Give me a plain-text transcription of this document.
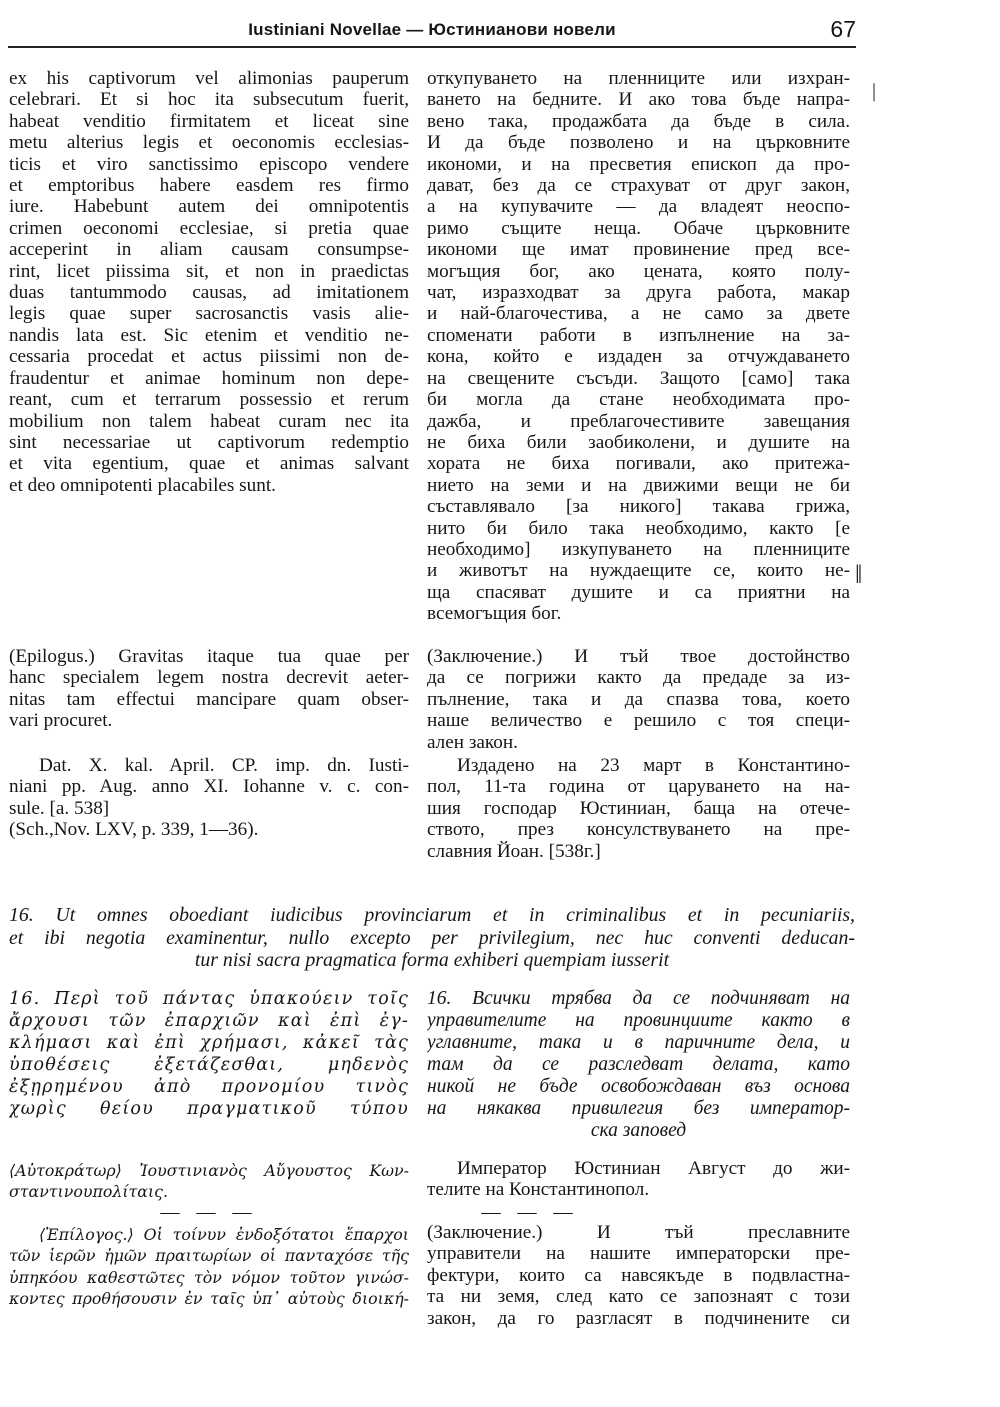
Iustiniani Novellae — Юстинианови новели	67
ex his captivorum vel alimonias pauperum
celebrari. Et si hoc ita subsecutum fuerit,
habeat venditio firmitatem et liceat sine
metu alterius legis et oeconomis ecclesias-
ticis et viro sanctissimo episcopo vendere
et emptoribus habere easdem res firmo
iure. Habebunt autem dei omnipotentis
crimen oeconomi ecclesiae, si pretia quae
acceperint in aliam causam consumpse-
rint, licet piissima sit, et non in praedictas
duas tantummodo causas, ad imitationem
legis quae super sacrosanctis vasis alie-
nandis lata est. Sic etenim et venditio ne-
cessaria procedat et actus piissimi non de-
fraudentur et animae hominum non depe-
reant, cum et terrarum possessio et rerum
mobilium non talem habeat curam nec ita
sint necessariae ut captivorum redemptio
et vita egentium, quae et animas salvant
et deo omnipotenti placabiles sunt.
(Epilogus.) Gravitas itaque tua quae per
hanc specialem legem nostra decrevit aeter-
nitas tam effectui mancipare quam obser-
vari procuret.
Dat. X. kal. April. CP. imp. dn. Iusti-
niani pp. Aug. anno XI. Iohanne v. c. con-
sule. [a. 538]
(Sch.,Nov. LXV, p. 339, 1—36).
откупуването на пленниците или изхран-
ването на бедните. И ако това бъде напра-
вено така, продажбата да бъде в сила.
И да бъде позволено и на църковните
икономи, и на пресветия епископ да про-
дават, без да се страхуват от друг закон,
а на купувачите — да владеят неоспо-
римо същите неща. Обаче църковните
икономи ще имат провинение пред все-
могъщия бог, ако цената, която полу-
чат, изразходват за друга работа, макар
и най-благочестива, а не само за двете
споменати работи в изпълнение на за-
кона, който е издаден за отчуждаването
на свещените съсъди. Защото [само] така
би могла да стане необходимата про-
дажба, и преблагочестивите завещания
не биха били заобиколени, и душите на
хората не биха погивали, ако притежа-
нието на земи и на движими вещи не би
съставлявало [за никого] такава грижа,
нито би било така необходимо, както [е
необходимо] изкупуването на пленниците
и животът на нуждаещите се, които не-
ща спасяват душите и са приятни на
всемогъщия бог.
(Заключение.) И тъй твое достойнство
да се погрижи както да предаде за из-
пълнение, така и да спазва това, което
наше величество е решило с тоя специ-
ален закон.
Издадено на 23 март в Константино-
пол, 11-та година от царуването на на-
шия господар Юстиниан, баща на отече-
ството, през консулствуването на пре-
славния Йоан. [538г.]
|
‖
16. Ut omnes oboediant iudicibus provinciarum et in criminalibus et in pecuniariis,
et ibi negotia examinentur, nullo excepto per privilegium, nec huc conventi deducan-
tur nisi sacra pragmatica forma exhiberi quempiam iusserit
16. Περὶ τοῦ πάντας ὑπακούειν τοῖς
ἄρχουσι τῶν ἐπαρχιῶν καὶ ἐπὶ ἐγ-
κλήμασι καὶ ἐπὶ χρήμασι, κἀκεῖ τὰς
ὑποθέσεις ἐξετάζεσθαι, μηδενὸς
ἐξῃρημένου ἀπὸ προνομίου τινὸς
χωρὶς θείου πραγματικοῦ τύπου
16. Всички трябва да се подчиняват на
управителите на провинциите както в
углавните, така и в паричните дела, и
там да се разследват делата, като
никой не бъде освобождаван въз основа
на някаква привилегия без император-
ска заповед
⟨Αὐτοκράτωρ⟩ Ἰουστινιανὸς Αὔγουστος Κων-
σταντινουπολίταις.
Император Юстиниан Август до жи-
телите на Константинопол.
— — —	— — —
⟨Ἐπίλογος.⟩ Οἱ τοίνυν ἐνδοξότατοι ἔπαρχοι
τῶν ἱερῶν ἡμῶν πραιτωρίων οἱ πανταχόσε τῆς
ὑπηκόου καθεστῶτες τὸν νόμον τοῦτον γινώσ-
κοντες προθήσουσιν ἐν ταῖς ὑπ᾽ αὐτοὺς διοική-
(Заключение.) И тъй преславните
управители на нашите императорски пре-
фектури, които са навсякъде в подвластна-
та ни земя, след като се запознаят с този
закон, да го разгласят в подчинените си
